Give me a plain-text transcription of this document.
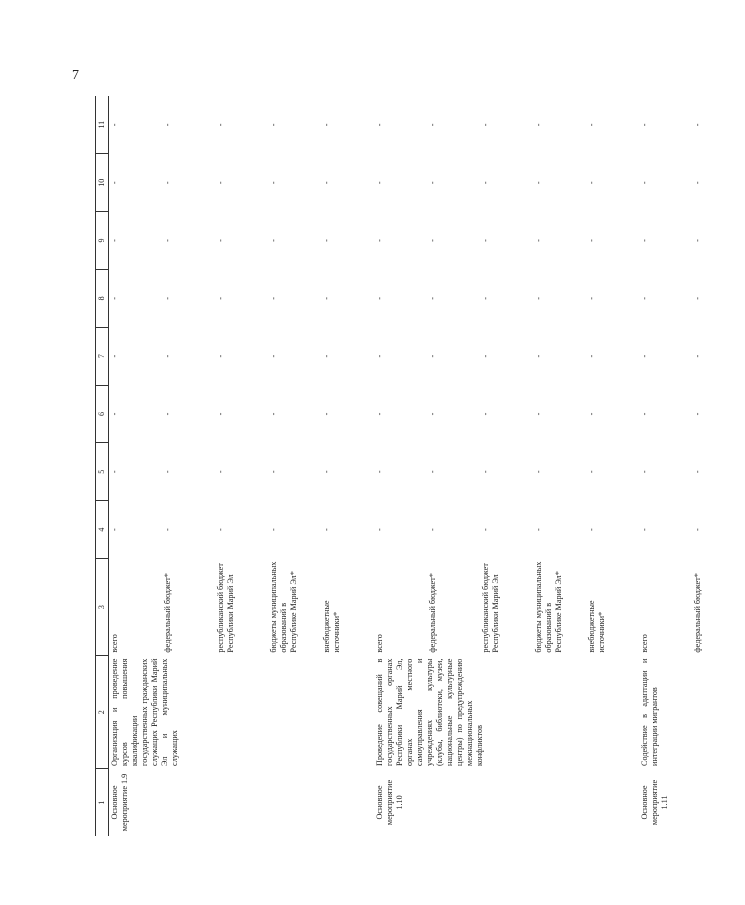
7
1	2	3	4	5	6	7	8	9	10	11
Основное мероприятие 1.9	Организация и проведение курсов повышения квалификации государственных гражданских служащих Республики Марий Эл и муниципальных служащих	всего	-	-	-	-	-	-	-	-
		федеральный бюджет*	-	-	-	-	-	-	-	-
		республиканский бюджет Республики Марий Эл	-	-	-	-	-	-	-	-
		бюджеты муниципальных образований в Республике Марий Эл*	-	-	-	-	-	-	-	-
		внебюджетные источники*	-	-	-	-	-	-	-	-
Основное мероприятие 1.10	Проведение совещаний в государственных органах Республики Марий Эл, органах местного самоуправления и учреждениях культуры (клубы, библиотеки, музеи, национальные культурные центры) по предупреждению межнациональных конфликтов	всего	-	-	-	-	-	-	-	-
		федеральный бюджет*	-	-	-	-	-	-	-	-
		республиканский бюджет Республики Марий Эл	-	-	-	-	-	-	-	-
		бюджеты муниципальных образований в Республике Марий Эл*	-	-	-	-	-	-	-	-
		внебюджетные источники*	-	-	-	-	-	-	-	-
Основное мероприятие 1.11	Содействие в адаптации и интеграции мигрантов	всего	-	-	-	-	-	-	-	-
		федеральный бюджет*	-	-	-	-	-	-	-	-
